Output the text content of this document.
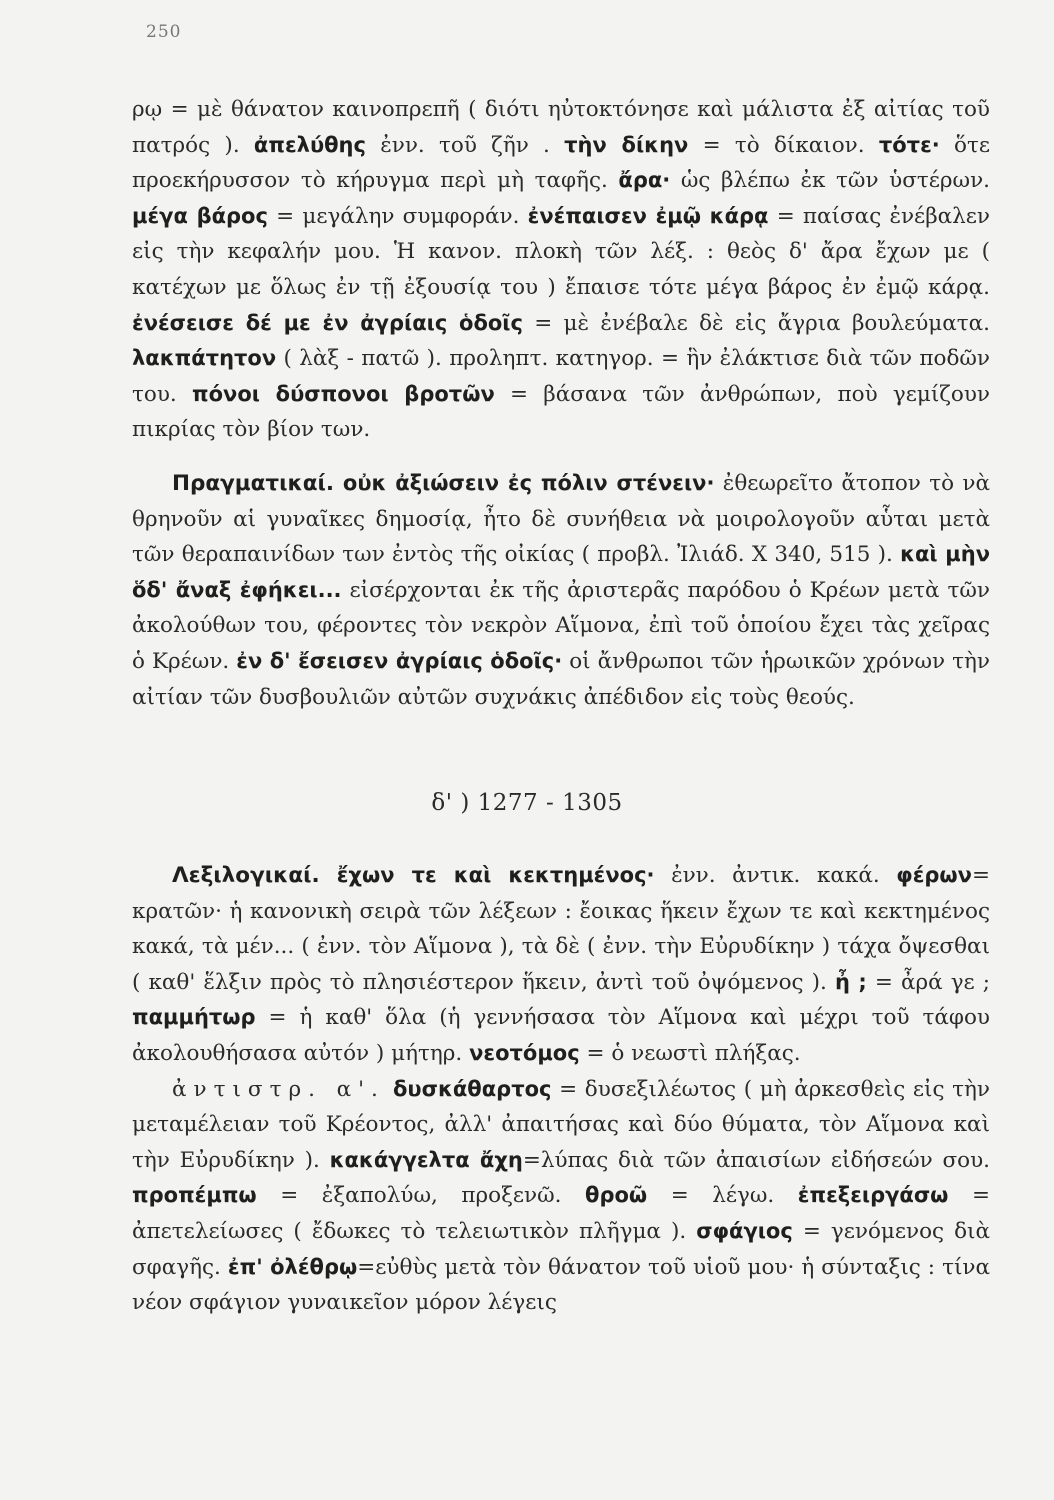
250

ρῳ = μὲ θάνατον καινοπρεπῆ ( διότι ηὐτοκτόνησε καὶ μάλιστα ἐξ αἰτίας τοῦ πατρός ). ἀπελύθης ἐνν. τοῦ ζῆν . τὴν δίκην = τὸ δίκαιον. τότε· ὅτε προεκήρυσσον τὸ κήρυγμα περὶ μὴ ταφῆς. ἄρα· ὡς βλέπω ἐκ τῶν ὑστέρων. μέγα βάρος = μεγάλην συμφοράν. ἐνέπαισεν ἐμῷ κάρᾳ = παίσας ἐνέβαλεν εἰς τὴν κεφαλήν μου. Ἡ κανον. πλοκὴ τῶν λέξ. : θεὸς δ' ἄρα ἔχων με ( κατέχων με ὅλως ἐν τῇ ἐξουσίᾳ του ) ἔπαισε τότε μέγα βάρος ἐν ἐμῷ κάρᾳ. ἐνέσεισε δέ με ἐν ἀγρίαις ὁδοῖς = μὲ ἐνέβαλε δὲ εἰς ἄγρια βουλεύματα. λακπάτητον ( λὰξ - πατῶ ). προληπτ. κατηγορ. = ἣν ἐλάκτισε διὰ τῶν ποδῶν του. πόνοι δύσπονοι βροτῶν = βάσανα τῶν ἀνθρώπων, ποὺ γεμίζουν πικρίας τὸν βίον των.

Πραγματικαί. οὐκ ἀξιώσειν ἐς πόλιν στένειν· ἐθεωρεῖτο ἄτοπον τὸ νὰ θρηνοῦν αἱ γυναῖκες δημοσίᾳ, ἦτο δὲ συνήθεια νὰ μοιρολογοῦν αὗται μετὰ τῶν θεραπαινίδων των ἐντὸς τῆς οἰκίας ( προβλ. Ἰλιάδ. Χ 340, 515 ). καὶ μὴν ὅδ' ἄναξ ἐφήκει... εἰσέρχονται ἐκ τῆς ἀριστερᾶς παρόδου ὁ Κρέων μετὰ τῶν ἀκολούθων του, φέροντες τὸν νεκρὸν Αἵμονα, ἐπὶ τοῦ ὁποίου ἔχει τὰς χεῖρας ὁ Κρέων. ἐν δ' ἔσεισεν ἀγρίαις ὁδοῖς· οἱ ἄνθρωποι τῶν ἡρωικῶν χρόνων τὴν αἰτίαν τῶν δυσβουλιῶν αὐτῶν συχνάκις ἀπέδιδον εἰς τοὺς θεούς.

δ' ) 1277 - 1305

Λεξιλογικαί. ἔχων τε καὶ κεκτημένος· ἐνν. ἀντικ. κακά. φέρων= κρατῶν· ἡ κανονικὴ σειρὰ τῶν λέξεων : ἔοικας ἥκειν ἔχων τε καὶ κεκτημένος κακά, τὰ μέν... ( ἐνν. τὸν Αἵμονα ), τὰ δὲ ( ἐνν. τὴν Εὐρυδίκην ) τάχα ὄψεσθαι ( καθ' ἕλξιν πρὸς τὸ πλησιέστερον ἥκειν, ἀντὶ τοῦ ὀψόμενος ). ἦ ; = ἆρά γε ; παμμήτωρ = ἡ καθ' ὅλα (ἡ γεννήσασα τὸν Αἵμονα καὶ μέχρι τοῦ τάφου ἀκολουθήσασα αὐτόν ) μήτηρ. νεοτόμος = ὁ νεωστὶ πλήξας.

ἀντιστρ. α'. δυσκάθαρτος = δυσεξιλέωτος ( μὴ ἀρκεσθεὶς εἰς τὴν μεταμέλειαν τοῦ Κρέοντος, ἀλλ' ἀπαιτήσας καὶ δύο θύματα, τὸν Αἵμονα καὶ τὴν Εὐρυδίκην ). κακάγγελτα ἄχη=λύπας διὰ τῶν ἀπαισίων εἰδήσεών σου. προπέμπω = ἐξαπολύω, προξενῶ. θροῶ = λέγω. ἐπεξειργάσω = ἀπετελείωσες ( ἔδωκες τὸ τελειωτικὸν πλῆγμα ). σφάγιος = γενόμενος διὰ σφαγῆς. ἐπ' ὀλέθρῳ=εὐθὺς μετὰ τὸν θάνατον τοῦ υἱοῦ μου· ἡ σύνταξις : τίνα νέον σφάγιον γυναικεῖον μόρον λέγεις
